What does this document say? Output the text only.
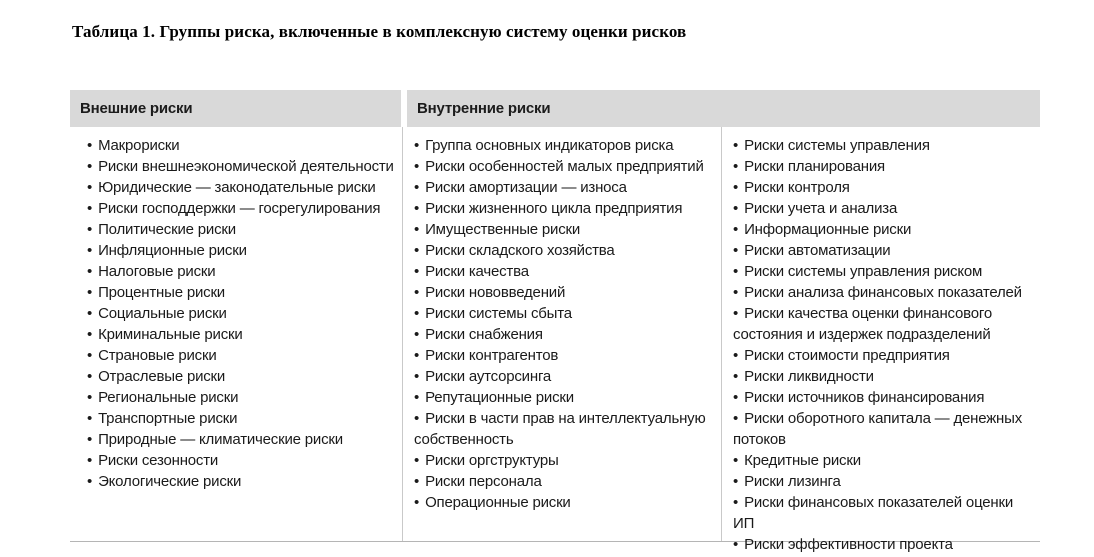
Таблица 1. Группы риска, включенные в комплексную систему оценки рисков
Внешние риски	Внутренние риски
• Макрориски
• Риски внешнеэкономической деятельности
• Юридические — законодательные риски
• Риски господдержки — госрегулирования
• Политические риски
• Инфляционные риски
• Налоговые риски
• Процентные риски
• Социальные риски
• Криминальные риски
• Страновые риски
• Отраслевые риски
• Региональные риски
• Транспортные риски
• Природные — климатические риски
• Риски сезонности
• Экологические риски
• Группа основных индикаторов риска
• Риски особенностей малых предприятий
• Риски амортизации — износа
• Риски жизненного цикла предприятия
• Имущественные риски
• Риски складского хозяйства
• Риски качества
• Риски нововведений
• Риски системы сбыта
• Риски снабжения
• Риски контрагентов
• Риски аутсорсинга
• Репутационные риски
• Риски в части прав на интеллектуальную собственность
• Риски оргструктуры
• Риски персонала
• Операционные риски
• Риски системы управления
• Риски планирования
• Риски контроля
• Риски учета и анализа
• Информационные риски
• Риски автоматизации
• Риски системы управления риском
• Риски анализа финансовых показателей
• Риски качества оценки финансового состояния и издержек подразделений
• Риски стоимости предприятия
• Риски ликвидности
• Риски источников финансирования
• Риски оборотного капитала — денежных потоков
• Кредитные риски
• Риски лизинга
• Риски финансовых показателей оценки ИП
• Риски эффективности проекта
